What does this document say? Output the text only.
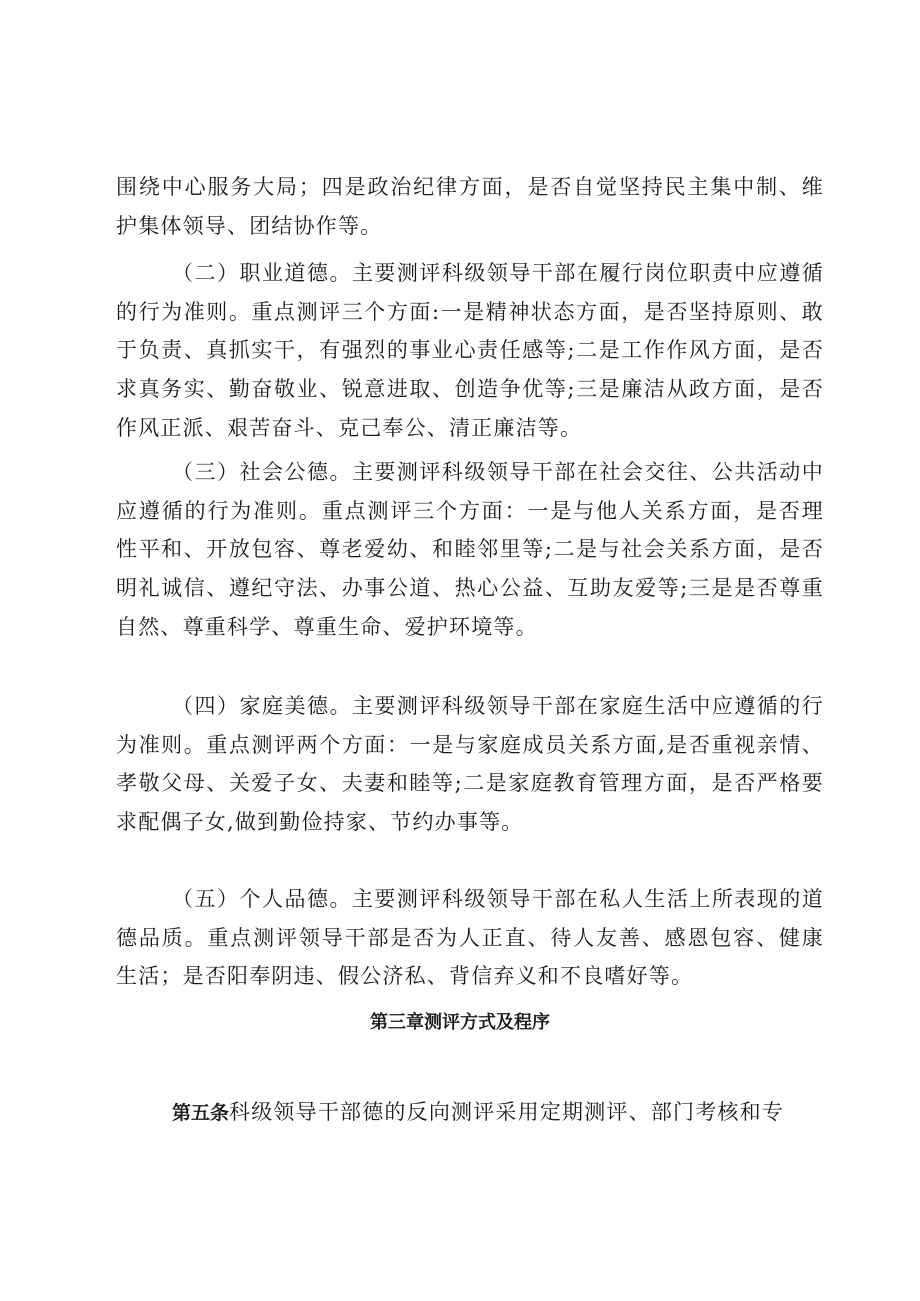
围绕中心服务大局；四是政治纪律方面，是否自觉坚持民主集中制、维护集体领导、团结协作等。

（二）职业道德。主要测评科级领导干部在履行岗位职责中应遵循的行为准则。重点测评三个方面:一是精神状态方面，是否坚持原则、敢于负责、真抓实干，有强烈的事业心责任感等;二是工作作风方面，是否求真务实、勤奋敬业、锐意进取、创造争优等;三是廉洁从政方面，是否作风正派、艰苦奋斗、克己奉公、清正廉洁等。

（三）社会公德。主要测评科级领导干部在社会交往、公共活动中应遵循的行为准则。重点测评三个方面：一是与他人关系方面，是否理性平和、开放包容、尊老爱幼、和睦邻里等;二是与社会关系方面，是否明礼诚信、遵纪守法、办事公道、热心公益、互助友爱等;三是是否尊重自然、尊重科学、尊重生命、爱护环境等。

（四）家庭美德。主要测评科级领导干部在家庭生活中应遵循的行为准则。重点测评两个方面：一是与家庭成员关系方面,是否重视亲情、孝敬父母、关爱子女、夫妻和睦等;二是家庭教育管理方面，是否严格要求配偶子女,做到勤俭持家、节约办事等。

（五）个人品德。主要测评科级领导干部在私人生活上所表现的道德品质。重点测评领导干部是否为人正直、待人友善、感恩包容、健康生活；是否阳奉阴违、假公济私、背信弃义和不良嗜好等。

第三章测评方式及程序

第五条科级领导干部德的反向测评采用定期测评、部门考核和专
